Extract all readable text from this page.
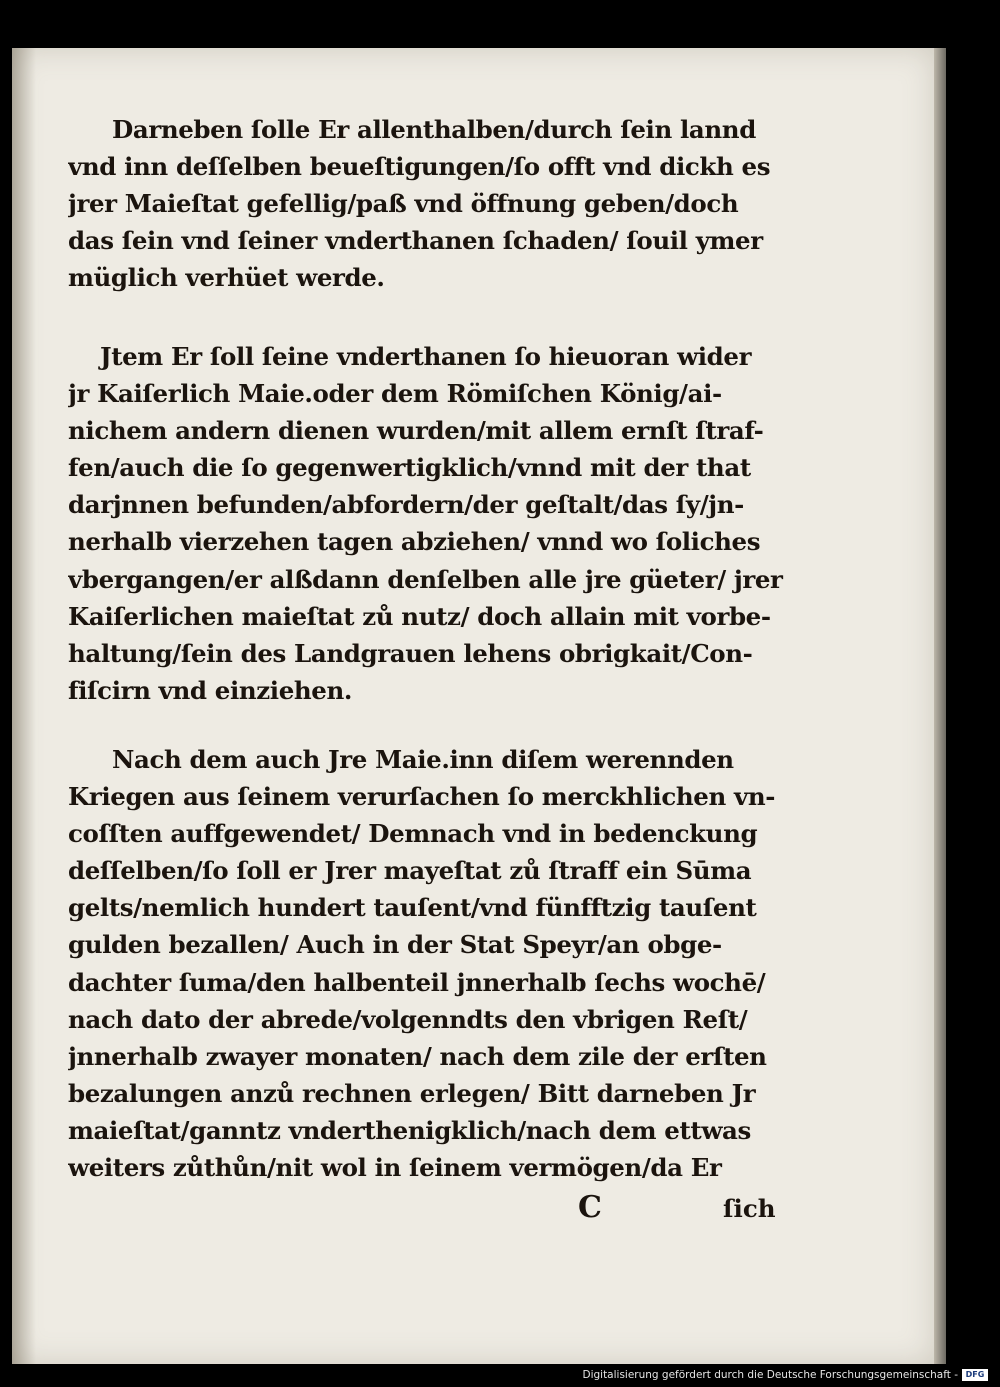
Darneben ſolle Er allenthalben/durch ſein lannd
vnd inn deſſelben beueſtigungen/ſo offt vnd dickh es
jrer Maieſtat gefellig/paß vnd öffnung geben/doch
das ſein vnd ſeiner vnderthanen ſchaden/ ſouil ymer
müglich verhüet werde.
Jtem Er ſoll ſeine vnderthanen ſo hieuoran wider
jr Kaiſerlich Maie.oder dem Römiſchen König/ai-
nichem andern dienen wurden/mit allem ernſt ſtraf-
fen/auch die ſo gegenwertigklich/vnnd mit der that
darjnnen befunden/abfordern/der geſtalt/das ſy/jn-
nerhalb vierzehen tagen abziehen/ vnnd wo ſoliches
vbergangen/er alßdann denſelben alle jre güeter/ jrer
Kaiſerlichen maieſtat zů nutz/ doch allain mit vorbe-
haltung/ſein des Landgrauen lehens obrigkait/Con-
fiſcirn vnd einziehen.
Nach dem auch Jre Maie.inn diſem werennden
Kriegen aus ſeinem verurſachen ſo merckhlichen vn-
coſſten auffgewendet/ Demnach vnd in bedenckung
deſſelben/ſo ſoll er Jrer mayeſtat zů ſtraff ein Sūma
gelts/nemlich hundert tauſent/vnd fünfftzig tauſent
gulden bezallen/ Auch in der Stat Speyr/an obge-
dachter ſuma/den halbenteil jnnerhalb ſechs wochē/
nach dato der abrede/volgenndts den vbrigen Reſt/
jnnerhalb zwayer monaten/ nach dem zile der erſten
bezalungen anzů rechnen erlegen/ Bitt darneben Jr
maieſtat/ganntz vnderthenigklich/nach dem ettwas
weiters zůthůn/nit wol in ſeinem vermögen/da Er
C	ſich
Digitalisierung gefördert durch die Deutsche Forschungsgemeinschaft - DFG
